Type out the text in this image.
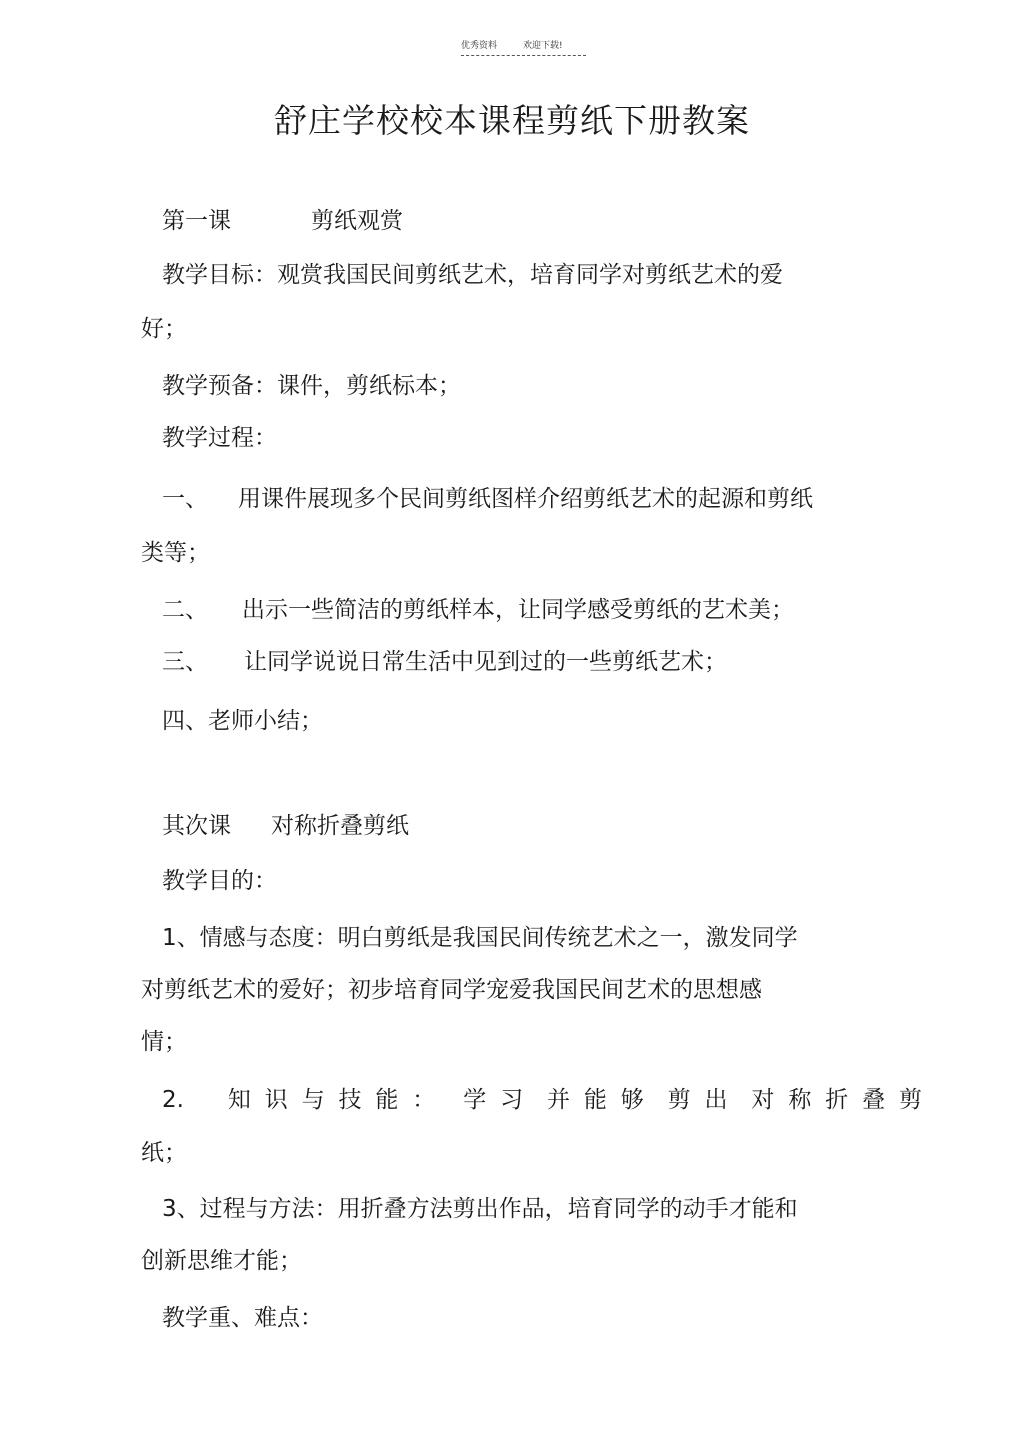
优秀资料	欢迎下载!
舒庄学校校本课程剪纸下册教案
第一课	剪纸观赏
教学目标：观赏我国民间剪纸艺术，培育同学对剪纸艺术的爱
好；
教学预备：课件，剪纸标本；
教学过程：
一、 用课件展现多个民间剪纸图样介绍剪纸艺术的起源和剪纸
类等；
二、 出示一些简洁的剪纸样本，让同学感受剪纸的艺术美；
三、 让同学说说日常生活中见到过的一些剪纸艺术；
四、老师小结；
其次课 对称折叠剪纸
教学目的：
1、情感与态度：明白剪纸是我国民间传统艺术之一，激发同学
对剪纸艺术的爱好；初步培育同学宠爱我国民间艺术的思想感
情；
2. 知 识 与 技 能 ： 学 习 并 能 够 剪 出 对 称 折 叠 剪
纸；
3、过程与方法：用折叠方法剪出作品，培育同学的动手才能和
创新思维才能；
教学重、难点：
